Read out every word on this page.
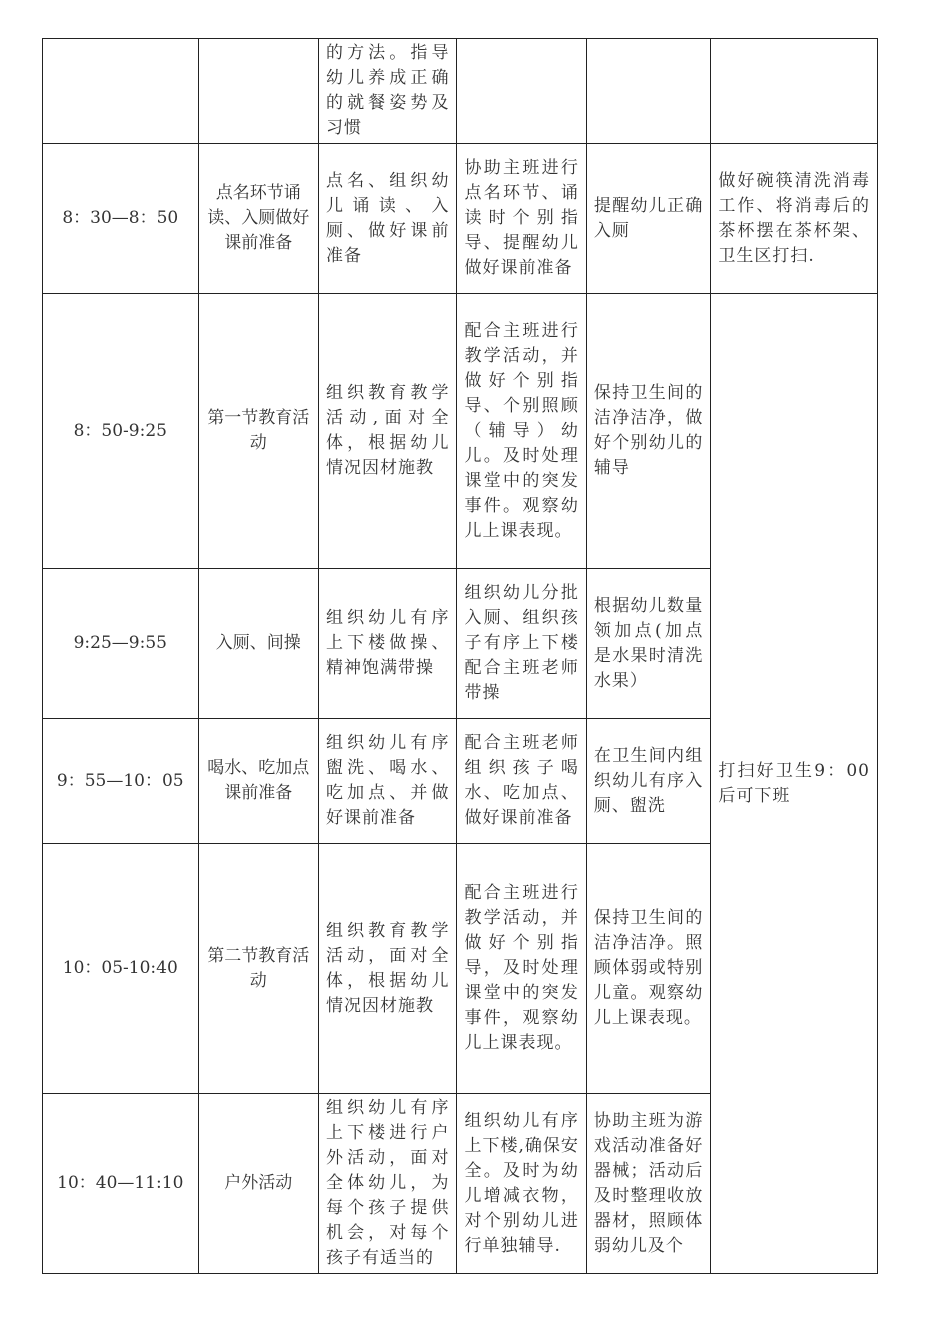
		的方法。指导幼儿养成正确的就餐姿势及习惯			
8：30—8：50	点名环节诵读、入厕做好课前准备	点名、组织幼儿诵读、入厕、做好课前准备	协助主班进行点名环节、诵读时个别指导、提醒幼儿做好课前准备	提醒幼儿正确入厕	做好碗筷清洗消毒工作、将消毒后的茶杯摆在茶杯架、卫生区打扫.
8：50-9:25	第一节教育活动	组织教育教学活动,面对全体，根据幼儿情况因材施教	配合主班进行教学活动，并做好个别指导、个别照顾（辅导）幼儿。及时处理课堂中的突发事件。观察幼儿上课表现。	保持卫生间的洁净洁净，做好个别幼儿的辅导	打扫好卫生9：00后可下班

9:25—9:55	入厕、间操	组织幼儿有序上下楼做操、精神饱满带操	组织幼儿分批入厕、组织孩子有序上下楼配合主班老师带操	根据幼儿数量领加点(加点是水果时清洗水果）	
9：55—10：05	喝水、吃加点课前准备	组织幼儿有序盥洗、喝水、吃加点、并做好课前准备	配合主班老师组织孩子喝水、吃加点、做好课前准备	在卫生间内组织幼儿有序入厕、盥洗	
10：05-10:40	第二节教育活动	组织教育教学活动，面对全体，根据幼儿情况因材施教	配合主班进行教学活动，并做好个别指导，及时处理课堂中的突发事件，观察幼儿上课表现。	保持卫生间的洁净洁净。照顾体弱或特别儿童。观察幼儿上课表现。	
10：40—11:10	户外活动	组织幼儿有序上下楼进行户外活动，面对全体幼儿，为每个孩子提供机会，对每个孩子有适当的	组织幼儿有序上下楼,确保安全。及时为幼儿增减衣物，对个别幼儿进行单独辅导.	协助主班为游戏活动准备好器械；活动后及时整理收放器材，照顾体弱幼儿及个	
